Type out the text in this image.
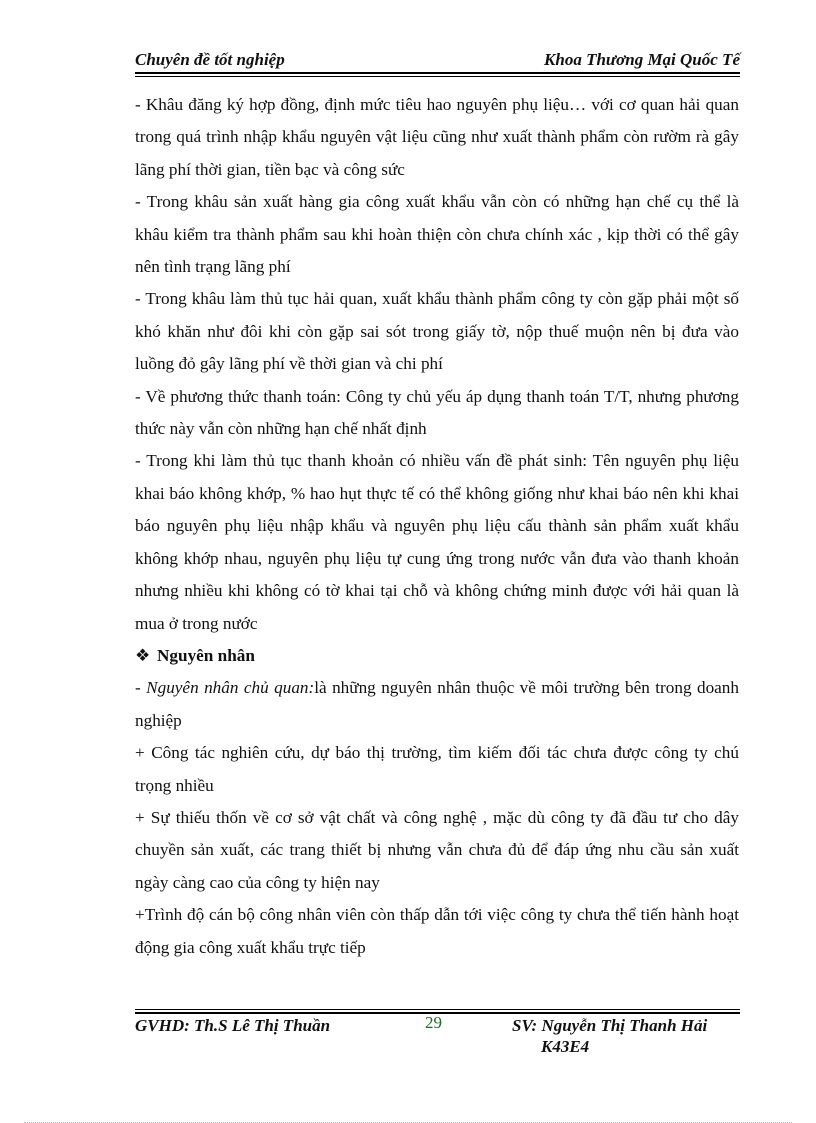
Chuyên đề tốt nghiệp	Khoa Thương Mại Quốc Tế

- Khâu đăng ký hợp đồng, định mức tiêu hao nguyên phụ liệu… với cơ quan hải quan trong quá trình nhập khẩu nguyên vật liệu cũng như xuất thành phẩm còn rườm rà gây lãng phí thời gian, tiền bạc và công sức

- Trong khâu sản xuất hàng gia công xuất khẩu vẫn còn có những hạn chế cụ thể là khâu kiểm tra thành phẩm sau khi hoàn thiện còn chưa chính xác , kịp thời có thể gây nên tình trạng lãng phí

- Trong khâu làm thủ tục hải quan, xuất khẩu thành phẩm công ty còn gặp phải một số khó khăn như đôi khi còn gặp sai sót trong giấy tờ, nộp thuế muộn nên bị đưa vào luồng đỏ gây lãng phí về thời gian và chi phí

- Về phương thức thanh toán: Công ty chủ yếu áp dụng thanh toán T/T, nhưng phương thức này vẫn còn những hạn chế nhất định

- Trong khi làm thủ tục thanh khoản có nhiều vấn đề phát sinh: Tên nguyên phụ liệu khai báo không khớp, % hao hụt thực tế có thể không giống như khai báo nên khi khai báo nguyên phụ liệu nhập khẩu và nguyên phụ liệu cấu thành sản phẩm xuất khẩu không khớp nhau, nguyên phụ liệu tự cung ứng trong nước vẫn đưa vào thanh khoản nhưng nhiều khi không có tờ khai tại chỗ và không chứng minh được với hải quan là mua ở trong nước

❖ Nguyên nhân

- Nguyên nhân chủ quan:là những nguyên nhân thuộc về môi trường bên trong doanh nghiệp

+ Công tác nghiên cứu, dự báo thị trường, tìm kiếm đối tác chưa được công ty chú trọng nhiều

+ Sự thiếu thốn về cơ sở vật chất và công nghệ , mặc dù công ty đã đầu tư cho dây chuyền sản xuất, các trang thiết bị nhưng vẫn chưa đủ để đáp ứng nhu cầu sản xuất ngày càng cao của công ty hiện nay

+Trình độ cán bộ công nhân viên còn thấp dẫn tới việc công ty chưa thể tiến hành hoạt động gia công xuất khẩu trực tiếp

GVHD: Th.S Lê Thị Thuần	29	SV: Nguyễn Thị Thanh Hải
K43E4
